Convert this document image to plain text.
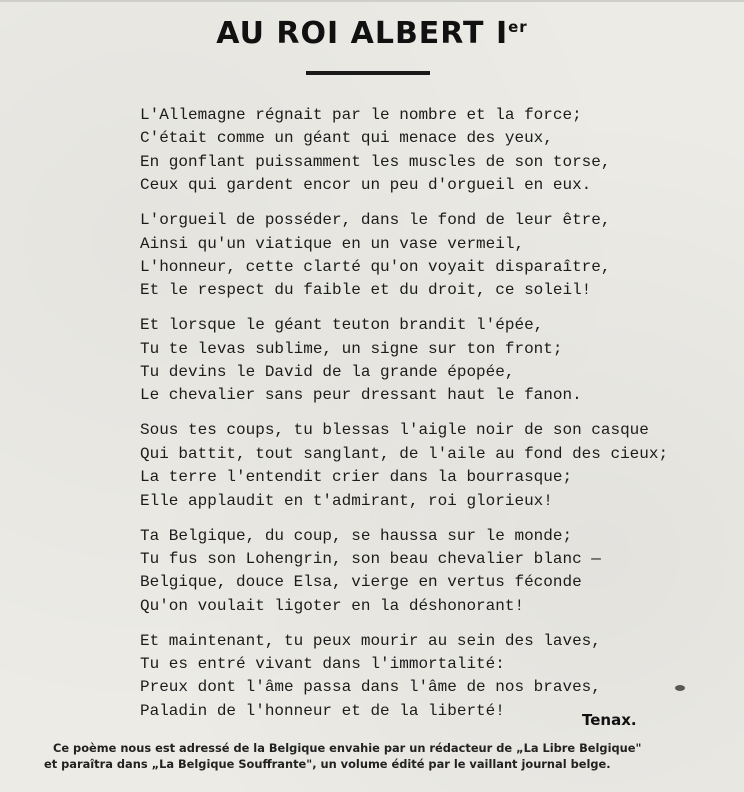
AU ROI ALBERT Ier
L'Allemagne régnait par le nombre et la force;
C'était comme un géant qui menace des yeux,
En gonflant puissamment les muscles de son torse,
Ceux qui gardent encor un peu d'orgueil en eux.
L'orgueil de posséder, dans le fond de leur être,
Ainsi qu'un viatique en un vase vermeil,
L'honneur, cette clarté qu'on voyait disparaître,
Et le respect du faible et du droit, ce soleil!
Et lorsque le géant teuton brandit l'épée,
Tu te levas sublime, un signe sur ton front;
Tu devins le David de la grande épopée,
Le chevalier sans peur dressant haut le fanon.
Sous tes coups, tu blessas l'aigle noir de son casque
Qui battit, tout sanglant, de l'aile au fond des cieux;
La terre l'entendit crier dans la bourrasque;
Elle applaudit en t'admirant, roi glorieux!
Ta Belgique, du coup, se haussa sur le monde;
Tu fus son Lohengrin, son beau chevalier blanc —
Belgique, douce Elsa, vierge en vertus féconde
Qu'on voulait ligoter en la déshonorant!
Et maintenant, tu peux mourir au sein des laves,
Tu es entré vivant dans l'immortalité:
Preux dont l'âme passa dans l'âme de nos braves,
Paladin de l'honneur et de la liberté!
Tenax.
Ce poème nous est adressé de la Belgique envahie par un rédacteur de „La Libre Belgique"
et paraîtra dans „La Belgique Souffrante", un volume édité par le vaillant journal belge.
